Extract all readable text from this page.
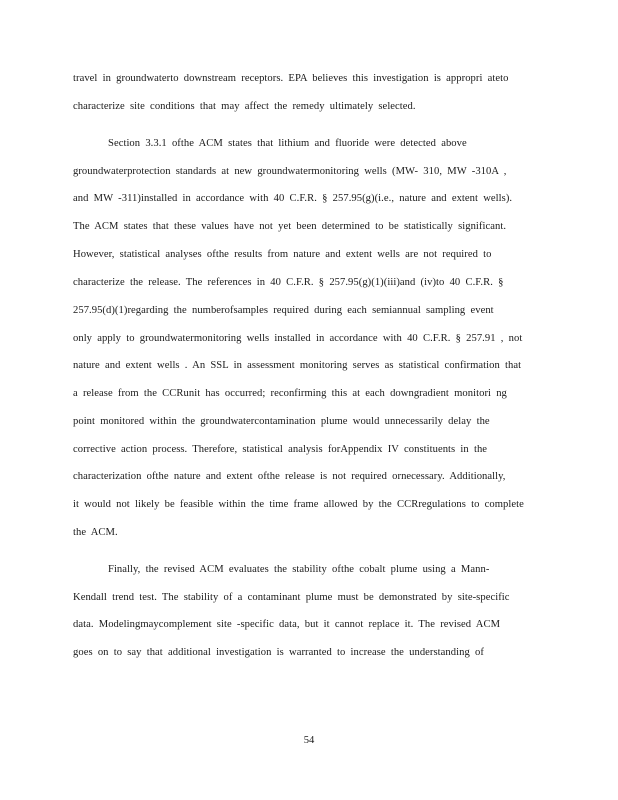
travel in groundwaterto downstream receptors. EPA believes this investigation is appropri ateto
characterize site conditions that may affect the remedy ultimately selected.
Section 3.3.1 ofthe ACM states that lithium and fluoride were detected above
groundwaterprotection standards at new groundwatermonitoring wells (MW- 310, MW -310A ,
and MW -311)installed in accordance with 40 C.F.R. § 257.95(g)(i.e., nature and extent wells).
The ACM states that these values have not yet been determined to be statistically significant.
However, statistical analyses ofthe results from nature and extent wells are not required to
characterize the release. The references in 40 C.F.R. § 257.95(g)(1)(iii)and (iv)to 40 C.F.R. §
257.95(d)(1)regarding the numberofsamples required during each semiannual sampling event
only apply to groundwatermonitoring wells installed in accordance with 40 C.F.R. § 257.91 , not
nature and extent wells . An SSL in assessment monitoring serves as statistical confirmation that
a release from the CCRunit has occurred; reconfirming this at each downgradient monitori ng
point monitored within the groundwatercontamination plume would unnecessarily delay the
corrective action process. Therefore, statistical analysis forAppendix IV constituents in the
characterization ofthe nature and extent ofthe release is not required ornecessary. Additionally,
it would not likely be feasible within the time frame allowed by the CCRregulations to complete
the ACM.
Finally, the revised ACM evaluates the stability ofthe cobalt plume using a Mann-
Kendall trend test. The stability of a contaminant plume must be demonstrated by site-specific
data. Modelingmaycomplement site -specific data, but it cannot replace it. The revised ACM
goes on to say that additional investigation is warranted to increase the understanding of
54
